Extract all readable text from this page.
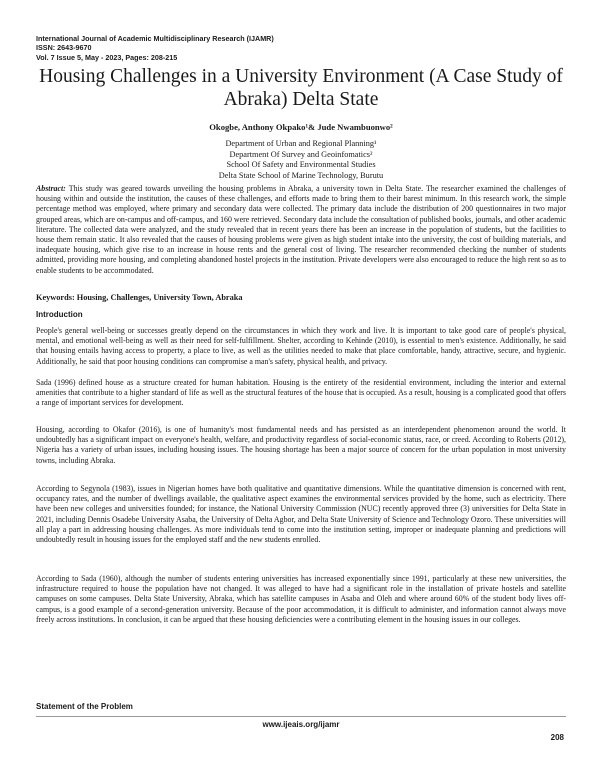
International Journal of Academic Multidisciplinary Research (IJAMR)
ISSN: 2643-9670
Vol. 7 Issue 5, May - 2023, Pages: 208-215
Housing Challenges in a University Environment (A Case Study of Abraka) Delta State
Okogbe, Anthony Okpako¹& Jude Nwambuonwo²
Department of Urban and Regional Planning¹
Department Of Survey and Geoinfomatics²
School Of Safety and Environmental Studies
Delta State School of Marine Technology, Burutu

Abstract: This study was geared towards unveiling the housing problems in Abraka, a university town in Delta State. The researcher examined the challenges of housing within and outside the institution, the causes of these challenges, and efforts made to bring them to their barest minimum. In this research work, the simple percentage method was employed, where primary and secondary data were collected. The primary data include the distribution of 200 questionnaires in two major grouped areas, which are on-campus and off-campus, and 160 were retrieved. Secondary data include the consultation of published books, journals, and other academic literature. The collected data were analyzed, and the study revealed that in recent years there has been an increase in the population of students, but the facilities to house them remain static. It also revealed that the causes of housing problems were given as high student intake into the university, the cost of building materials, and inadequate housing, which give rise to an increase in house rents and the general cost of living. The researcher recommended checking the number of students admitted, providing more housing, and completing abandoned hostel projects in the institution. Private developers were also encouraged to reduce the high rent so as to enable students to be accommodated.

Keywords: Housing, Challenges, University Town, Abraka
Introduction

People's general well-being or successes greatly depend on the circumstances in which they work and live. It is important to take good care of people's physical, mental, and emotional well-being as well as their need for self-fulfillment. Shelter, according to Kehinde (2010), is essential to men's existence. Additionally, he said that housing entails having access to property, a place to live, as well as the utilities needed to make that place comfortable, handy, attractive, secure, and hygienic. Additionally, he said that poor housing conditions can compromise a man's safety, physical health, and privacy.

Sada (1996) defined house as a structure created for human habitation. Housing is the entirety of the residential environment, including the interior and external amenities that contribute to a higher standard of life as well as the structural features of the house that is occupied. As a result, housing is a complicated good that offers a range of important services for development.

Housing, according to Okafor (2016), is one of humanity's most fundamental needs and has persisted as an interdependent phenomenon around the world. It undoubtedly has a significant impact on everyone's health, welfare, and productivity regardless of social-economic status, race, or creed. According to Roberts (2012), Nigeria has a variety of urban issues, including housing issues. The housing shortage has been a major source of concern for the urban population in most university towns, including Abraka.

According to Segynola (1983), issues in Nigerian homes have both qualitative and quantitative dimensions. While the quantitative dimension is concerned with rent, occupancy rates, and the number of dwellings available, the qualitative aspect examines the environmental services provided by the home, such as electricity. There have been new colleges and universities founded; for instance, the National University Commission (NUC) recently approved three (3) universities for Delta State in 2021, including Dennis Osadebe University Asaba, the University of Delta Agbor, and Delta State University of Science and Technology Ozoro. These universities will all play a part in addressing housing challenges. As more individuals tend to come into the institution setting, improper or inadequate planning and predictions will undoubtedly result in housing issues for the employed staff and the new students enrolled.

According to Sada (1960), although the number of students entering universities has increased exponentially since 1991, particularly at these new universities, the infrastructure required to house the population have not changed. It was alleged to have had a significant role in the installation of private hostels and satellite campuses on some campuses. Delta State University, Abraka, which has satellite campuses in Asaba and Oleh and where around 60% of the student body lives off-campus, is a good example of a second-generation university. Because of the poor accommodation, it is difficult to administer, and information cannot always move freely across institutions. In conclusion, it can be argued that these housing deficiencies were a contributing element in the housing issues in our colleges.

Statement of the Problem
www.ijeais.org/ijamr
208
